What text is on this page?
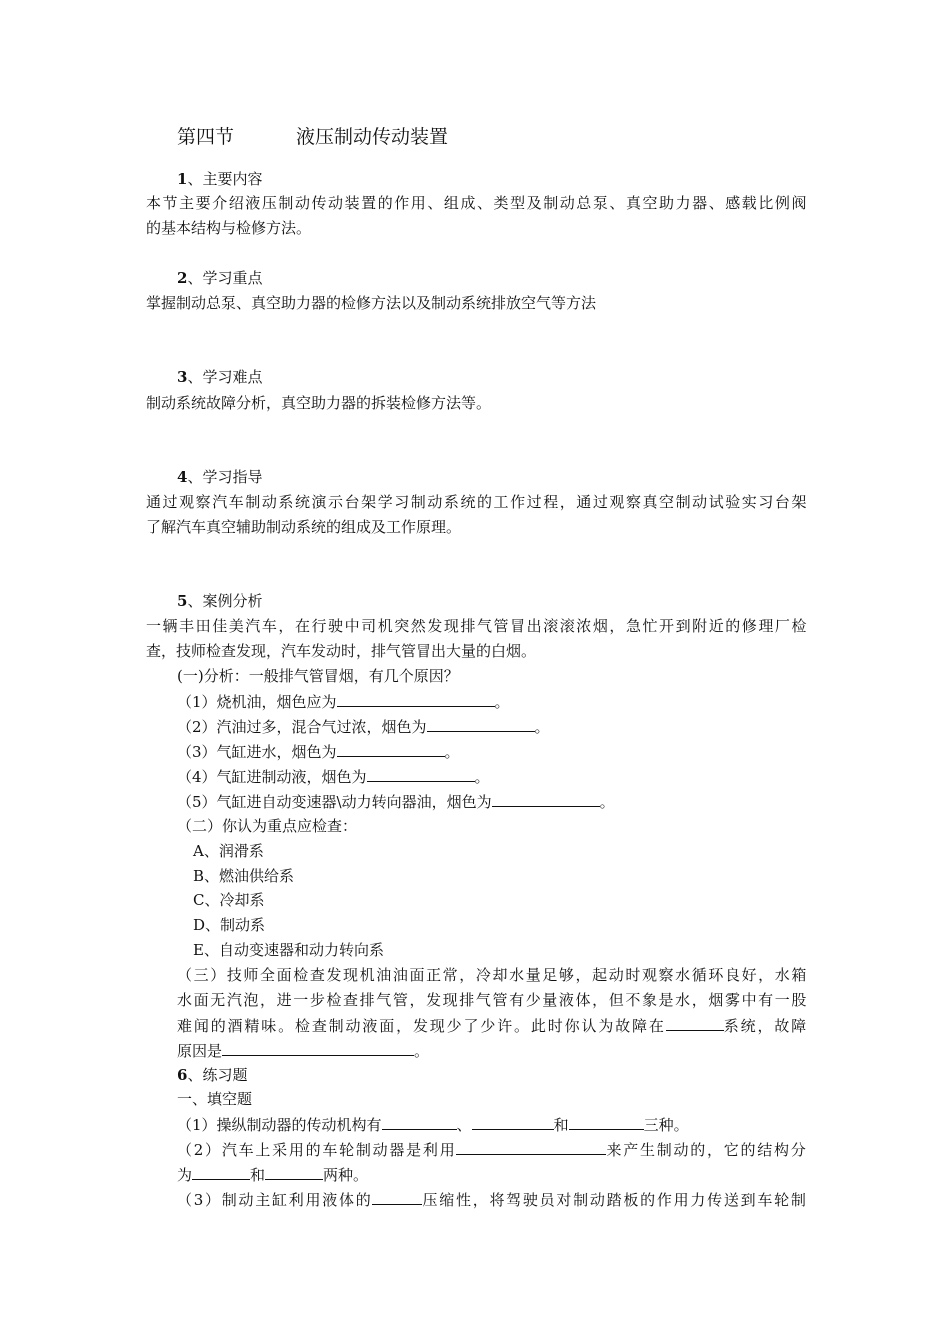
第四节	液压制动传动装置
1、主要内容
本节主要介绍液压制动传动装置的作用、组成、类型及制动总泵、真空助力器、感载比例阀
的基本结构与检修方法。
2、学习重点
掌握制动总泵、真空助力器的检修方法以及制动系统排放空气等方法
3、学习难点
制动系统故障分析，真空助力器的拆装检修方法等。
4、学习指导
通过观察汽车制动系统演示台架学习制动系统的工作过程，通过观察真空制动试验实习台架
了解汽车真空辅助制动系统的组成及工作原理。
5、案例分析
一辆丰田佳美汽车，在行驶中司机突然发现排气管冒出滚滚浓烟，急忙开到附近的修理厂检
查，技师检查发现，汽车发动时，排气管冒出大量的白烟。
(一)分析：一般排气管冒烟，有几个原因？
（1）烧机油，烟色应为	。
（2）汽油过多，混合气过浓，烟色为	。
（3）气缸进水，烟色为	。
（4）气缸进制动液，烟色为	。
（5）气缸进自动变速器\动力转向器油，烟色为	。
（二）你认为重点应检查：
A、润滑系
B、燃油供给系
C、冷却系
D、制动系
E、自动变速器和动力转向系
（三）技师全面检查发现机油油面正常，冷却水量足够，起动时观察水循环良好，水箱
水面无汽泡，进一步检查排气管，发现排气管有少量液体，但不象是水，烟雾中有一股
难闻的酒精味。检查制动液面，发现少了少许。此时你认为故障在	系统，故障
原因是	。
6、练习题
一、填空题
（1）操纵制动器的传动机构有	、	和	三种。
（2）汽车上采用的车轮制动器是利用	来产生制动的，它的结构分
为	和	两种。
（3）制动主缸利用液体的	压缩性，将驾驶员对制动踏板的作用力传送到车轮制
